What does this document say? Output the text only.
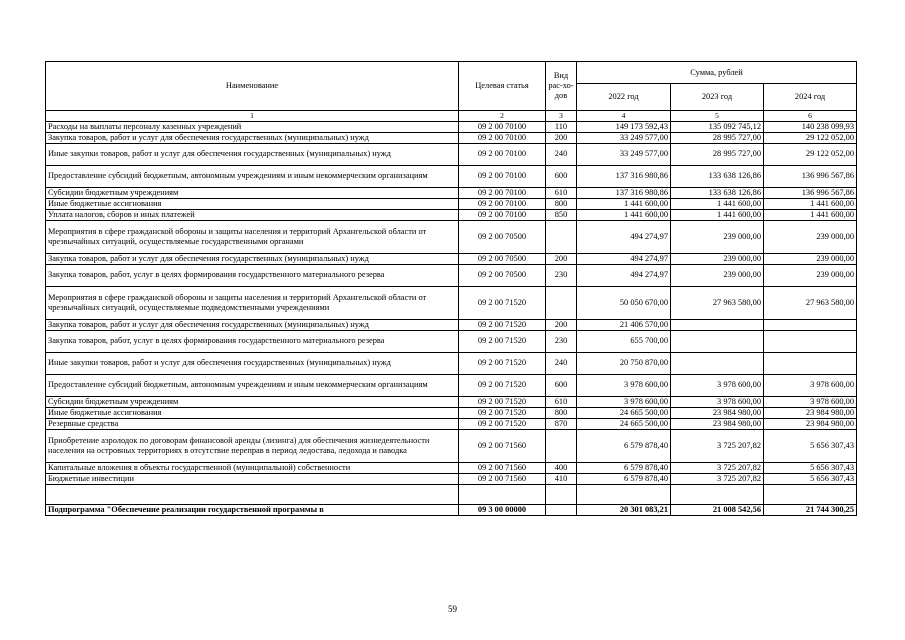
Наименование	Целевая статья	Вид рас-хо-дов	Сумма, рублей		
			2022 год	2023 год	2024 год
1	2	3	4	5	6
Расходы на выплаты персоналу казенных учреждений	09 2 00 70100	110	149 173 592,43	135 092 745,12	140 238 099,93
Закупка товаров, работ и услуг для обеспечения государственных (муниципальных) нужд	09 2 00 70100	200	33 249 577,00	28 995 727,00	29 122 052,00
Иные закупки товаров, работ и услуг для обеспечения государственных (муниципальных) нужд	09 2 00 70100	240	33 249 577,00	28 995 727,00	29 122 052,00
Предоставление субсидий бюджетным, автономным учреждениям и иным некоммерческим организациям	09 2 00 70100	600	137 316 980,86	133 638 126,86	136 996 567,86
Субсидии бюджетным учреждениям	09 2 00 70100	610	137 316 980,86	133 638 126,86	136 996 567,86
Иные бюджетные ассигнования	09 2 00 70100	800	1 441 600,00	1 441 600,00	1 441 600,00
Уплата налогов, сборов и иных платежей	09 2 00 70100	850	1 441 600,00	1 441 600,00	1 441 600,00
Мероприятия в сфере гражданской обороны и защиты населения и территорий Архангельской области от чрезвычайных ситуаций, осуществляемые государственными органами	09 2 00 70500		494 274,97	239 000,00	239 000,00
Закупка товаров, работ и услуг для обеспечения государственных (муниципальных) нужд	09 2 00 70500	200	494 274,97	239 000,00	239 000,00
Закупка товаров, работ, услуг в целях формирования государственного материального резерва	09 2 00 70500	230	494 274,97	239 000,00	239 000,00
Мероприятия в сфере гражданской обороны и защиты населения и территорий Архангельской области от чрезвычайных ситуаций, осуществляемые подведомственными учреждениями	09 2 00 71520		50 050 670,00	27 963 580,00	27 963 580,00
Закупка товаров, работ и услуг для обеспечения государственных (муниципальных) нужд	09 2 00 71520	200	21 406 570,00		
Закупка товаров, работ, услуг в целях формирования государственного материального резерва	09 2 00 71520	230	655 700,00		
Иные закупки товаров, работ и услуг для обеспечения государственных (муниципальных) нужд	09 2 00 71520	240	20 750 870,00		
Предоставление субсидий бюджетным, автономным учреждениям и иным некоммерческим организациям	09 2 00 71520	600	3 978 600,00	3 978 600,00	3 978 600,00
Субсидии бюджетным учреждениям	09 2 00 71520	610	3 978 600,00	3 978 600,00	3 978 600,00
Иные бюджетные ассигнования	09 2 00 71520	800	24 665 500,00	23 984 980,00	23 984 980,00
Резервные средства	09 2 00 71520	870	24 665 500,00	23 984 980,00	23 984 980,00
Приобретение аэролодок по договорам финансовой аренды (лизинга) для обеспечения жизнедеятельности населения на островных территориях в отсутствие переправ в период ледостава, ледохода и паводка	09 2 00 71560		6 579 878,40	3 725 207,82	5 656 307,43
Капитальные вложения в объекты государственной (муниципальной) собственности	09 2 00 71560	400	6 579 878,40	3 725 207,82	5 656 307,43
Бюджетные инвестиции	09 2 00 71560	410	6 579 878,40	3 725 207,82	5 656 307,43

Подпрограмма "Обеспечение реализации государственной программы в	09 3 00 00000		20 301 083,21	21 008 542,56	21 744 300,25
59
